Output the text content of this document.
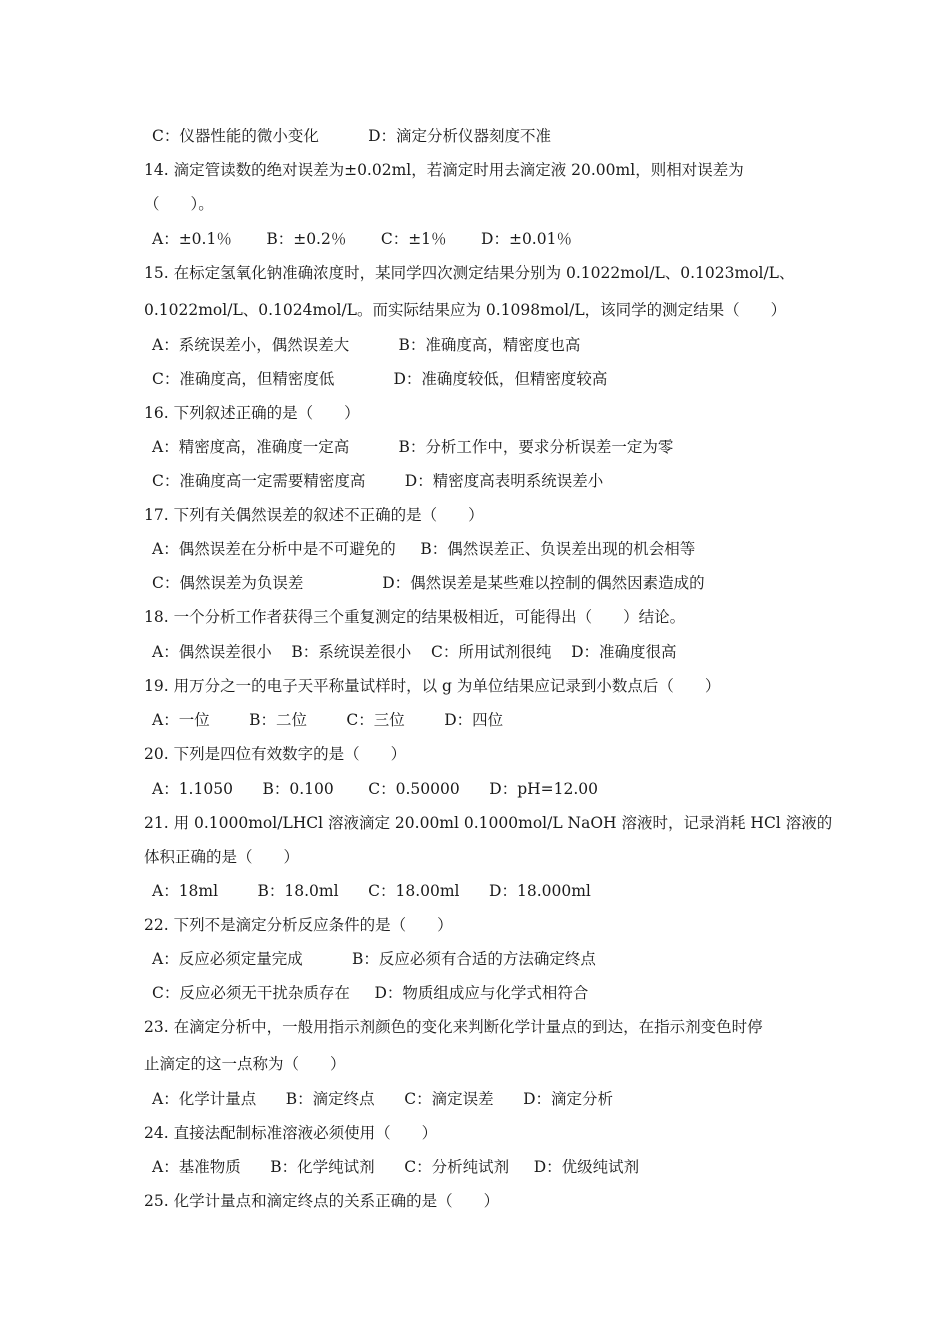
C：仪器性能的微小变化          D：滴定分析仪器刻度不准
14. 滴定管读数的绝对误差为±0.02ml，若滴定时用去滴定液 20.00ml，则相对误差为
（　　）。
A：±0.1％       B：±0.2％       C：±1％       D：±0.01％
15. 在标定氢氧化钠准确浓度时，某同学四次测定结果分别为 0.1022mol/L、0.1023mol/L、
0.1022mol/L、0.1024mol/L。而实际结果应为 0.1098mol/L，该同学的测定结果（　　）
A：系统误差小，偶然误差大          B：准确度高，精密度也高
C：准确度高，但精密度低            D：准确度较低，但精密度较高
16. 下列叙述正确的是（　　）
A：精密度高，准确度一定高          B：分析工作中，要求分析误差一定为零
C：准确度高一定需要精密度高        D：精密度高表明系统误差小
17. 下列有关偶然误差的叙述不正确的是（　　）
A：偶然误差在分析中是不可避免的     B：偶然误差正、负误差出现的机会相等
C：偶然误差为负误差                D：偶然误差是某些难以控制的偶然因素造成的
18. 一个分析工作者获得三个重复测定的结果极相近，可能得出（　　）结论。
A：偶然误差很小    B：系统误差很小    C：所用试剂很纯    D：准确度很高
19. 用万分之一的电子天平称量试样时，以 g 为单位结果应记录到小数点后（　　）
A：一位        B：二位        C：三位        D：四位
20. 下列是四位有效数字的是（　　）
A：1.1050      B：0.100       C：0.50000      D：pH=12.00
21. 用 0.1000mol/LHCl 溶液滴定 20.00ml 0.1000mol/L NaOH 溶液时，记录消耗 HCl 溶液的
体积正确的是（　　）
A：18ml        B：18.0ml      C：18.00ml      D：18.000ml
22. 下列不是滴定分析反应条件的是（　　）
A：反应必须定量完成          B：反应必须有合适的方法确定终点
C：反应必须无干扰杂质存在     D：物质组成应与化学式相符合
23. 在滴定分析中，一般用指示剂颜色的变化来判断化学计量点的到达，在指示剂变色时停
止滴定的这一点称为（　　）
A：化学计量点      B：滴定终点      C：滴定误差      D：滴定分析
24. 直接法配制标准溶液必须使用（　　）
A：基准物质      B：化学纯试剂      C：分析纯试剂     D：优级纯试剂
25. 化学计量点和滴定终点的关系正确的是（　　）
